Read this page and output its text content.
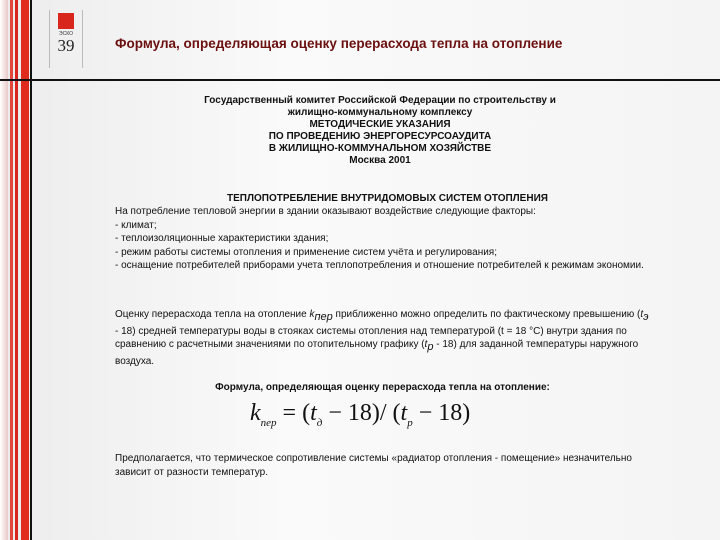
ЭСКО
39	Формула, определяющая оценку перерасхода тепла на отопление
Государственный комитет Российской Федерации по строительству и
жилищно-коммунальному комплексу
МЕТОДИЧЕСКИЕ УКАЗАНИЯ
ПО ПРОВЕДЕНИЮ ЭНЕРГОРЕСУРСОАУДИТА
В ЖИЛИЩНО-КОММУНАЛЬНОМ ХОЗЯЙСТВЕ
Москва 2001
ТЕПЛОПОТРЕБЛЕНИЕ ВНУТРИДОМОВЫХ СИСТЕМ ОТОПЛЕНИЯ
На потребление тепловой энергии в здании оказывают воздействие следующие факторы:
- климат;
- теплоизоляционные характеристики здания;
- режим работы системы отопления и применение систем учёта и регулирования;
- оснащение потребителей приборами учета теплопотребления и отношение потребителей к режимам экономии.
Оценку перерасхода тепла на отопление $k_{пер}$ приближенно можно определить по фактическому превышению $(t_э - 18)$ средней температуры воды в стояках системы отопления над температурой (t = 18 °С) внутри здания по сравнению с расчетными значениями по отопительному графику $(t_р - 18)$ для заданной температуры наружного воздуха.
Формула, определяющая оценку перерасхода тепла на отопление:
$k_{пер} = (t_д - 18)/$ $(t_p - 18)$
Предполагается, что термическое сопротивление системы «радиатор отопления - помещение» незначительно зависит от разности температур.
